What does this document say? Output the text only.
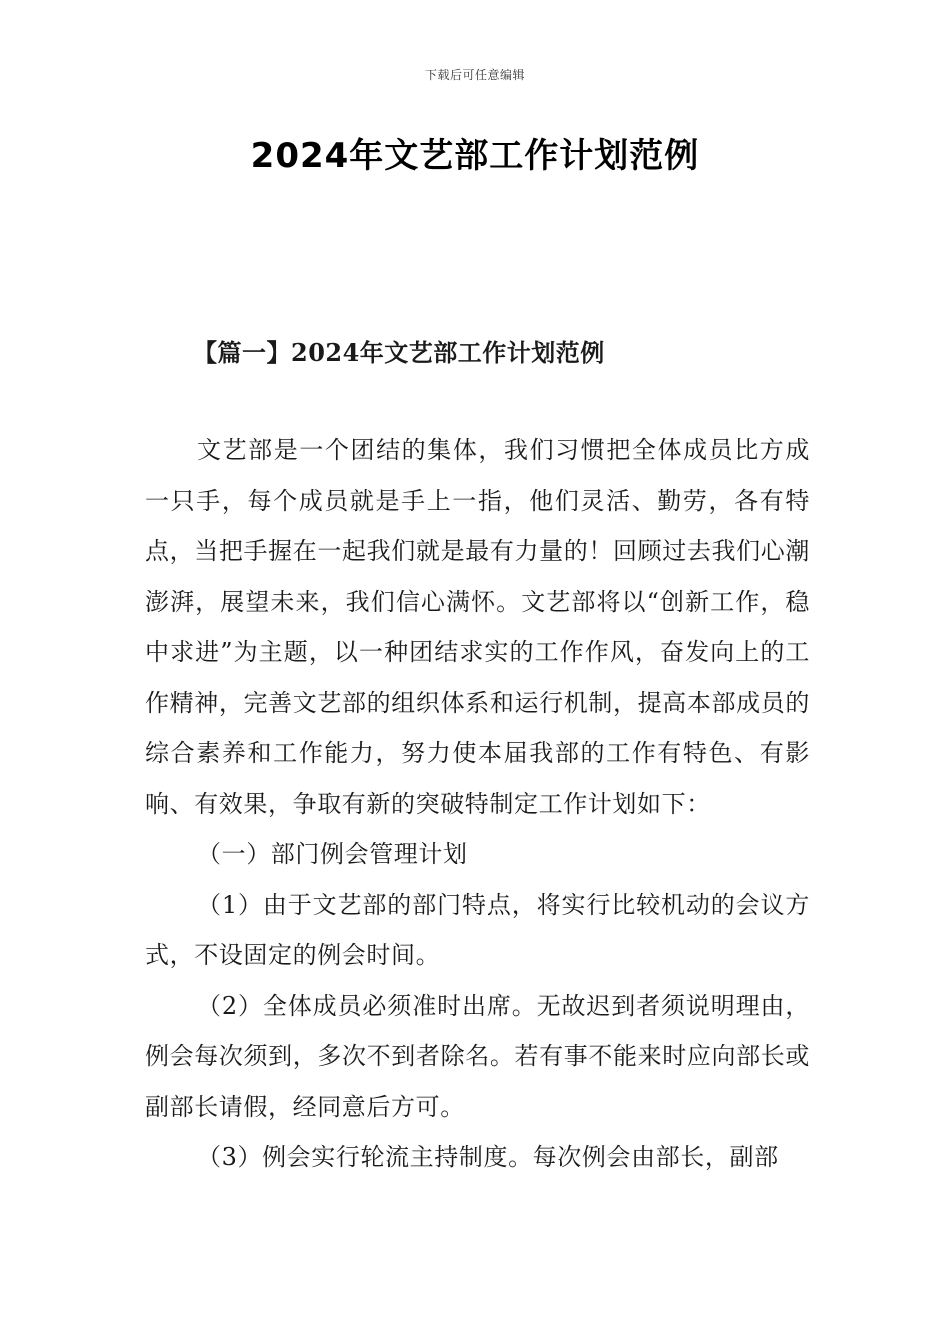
下载后可任意编辑
2024年文艺部工作计划范例
【篇一】2024年文艺部工作计划范例

文艺部是一个团结的集体，我们习惯把全体成员比方成一只手，每个成员就是手上一指，他们灵活、勤劳，各有特点，当把手握在一起我们就是最有力量的！回顾过去我们心潮澎湃，展望未来，我们信心满怀。文艺部将以“创新工作，稳中求进”为主题，以一种团结求实的工作作风，奋发向上的工作精神，完善文艺部的组织体系和运行机制，提高本部成员的综合素养和工作能力，努力使本届我部的工作有特色、有影响、有效果，争取有新的突破特制定工作计划如下：

（一）部门例会管理计划

（1）由于文艺部的部门特点，将实行比较机动的会议方式，不设固定的例会时间。

（2）全体成员必须准时出席。无故迟到者须说明理由，例会每次须到，多次不到者除名。若有事不能来时应向部长或副部长请假，经同意后方可。

（3）例会实行轮流主持制度。每次例会由部长，副部
